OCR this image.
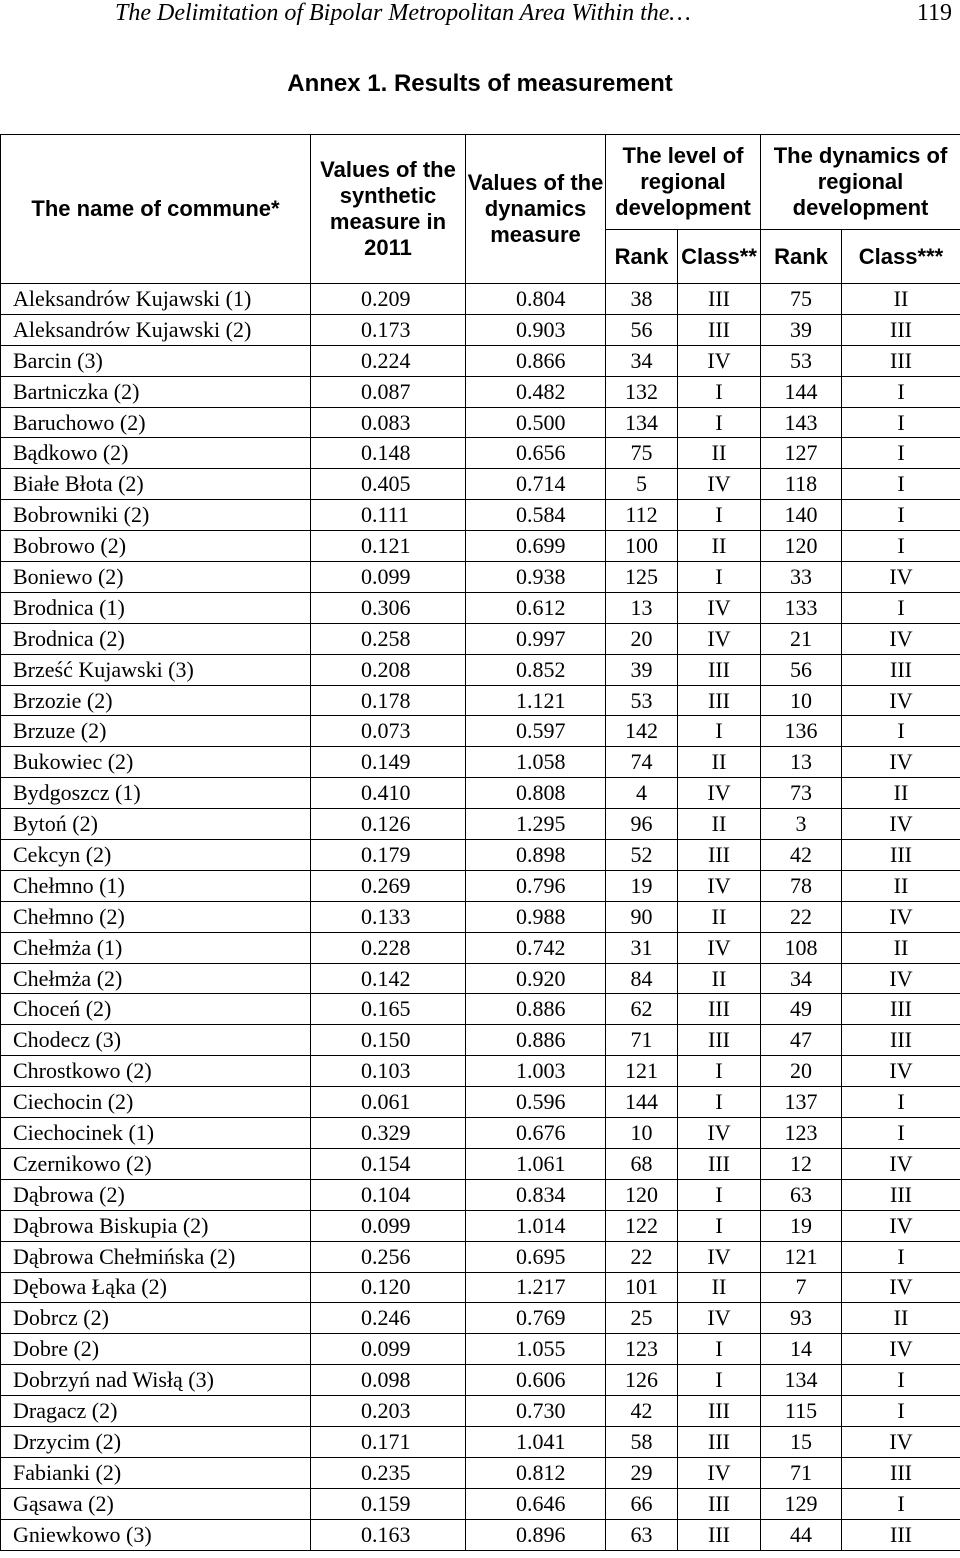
The Delimitation of Bipolar Metropolitan Area Within the…	119
Annex 1. Results of measurement
The name of commune*	Values of the synthetic measure in 2011	Values of the dynamics measure	The level of regional development		The dynamics of regional development	
			Rank	Class**	Rank	Class***
Aleksandrów Kujawski (1)	0.209	0.804	38	III	75	II
Aleksandrów Kujawski (2)	0.173	0.903	56	III	39	III
Barcin (3)	0.224	0.866	34	IV	53	III
Bartniczka (2)	0.087	0.482	132	I	144	I
Baruchowo (2)	0.083	0.500	134	I	143	I
Bądkowo (2)	0.148	0.656	75	II	127	I
Białe Błota (2)	0.405	0.714	5	IV	118	I
Bobrowniki (2)	0.111	0.584	112	I	140	I
Bobrowo (2)	0.121	0.699	100	II	120	I
Boniewo (2)	0.099	0.938	125	I	33	IV
Brodnica (1)	0.306	0.612	13	IV	133	I
Brodnica (2)	0.258	0.997	20	IV	21	IV
Brześć Kujawski (3)	0.208	0.852	39	III	56	III
Brzozie (2)	0.178	1.121	53	III	10	IV
Brzuze (2)	0.073	0.597	142	I	136	I
Bukowiec (2)	0.149	1.058	74	II	13	IV
Bydgoszcz (1)	0.410	0.808	4	IV	73	II
Bytoń (2)	0.126	1.295	96	II	3	IV
Cekcyn (2)	0.179	0.898	52	III	42	III
Chełmno (1)	0.269	0.796	19	IV	78	II
Chełmno (2)	0.133	0.988	90	II	22	IV
Chełmża (1)	0.228	0.742	31	IV	108	II
Chełmża (2)	0.142	0.920	84	II	34	IV
Choceń (2)	0.165	0.886	62	III	49	III
Chodecz (3)	0.150	0.886	71	III	47	III
Chrostkowo (2)	0.103	1.003	121	I	20	IV
Ciechocin (2)	0.061	0.596	144	I	137	I
Ciechocinek (1)	0.329	0.676	10	IV	123	I
Czernikowo (2)	0.154	1.061	68	III	12	IV
Dąbrowa (2)	0.104	0.834	120	I	63	III
Dąbrowa Biskupia (2)	0.099	1.014	122	I	19	IV
Dąbrowa Chełmińska (2)	0.256	0.695	22	IV	121	I
Dębowa Łąka (2)	0.120	1.217	101	II	7	IV
Dobrcz (2)	0.246	0.769	25	IV	93	II
Dobre (2)	0.099	1.055	123	I	14	IV
Dobrzyń nad Wisłą (3)	0.098	0.606	126	I	134	I
Dragacz (2)	0.203	0.730	42	III	115	I
Drzycim (2)	0.171	1.041	58	III	15	IV
Fabianki (2)	0.235	0.812	29	IV	71	III
Gąsawa (2)	0.159	0.646	66	III	129	I
Gniewkowo (3)	0.163	0.896	63	III	44	III
